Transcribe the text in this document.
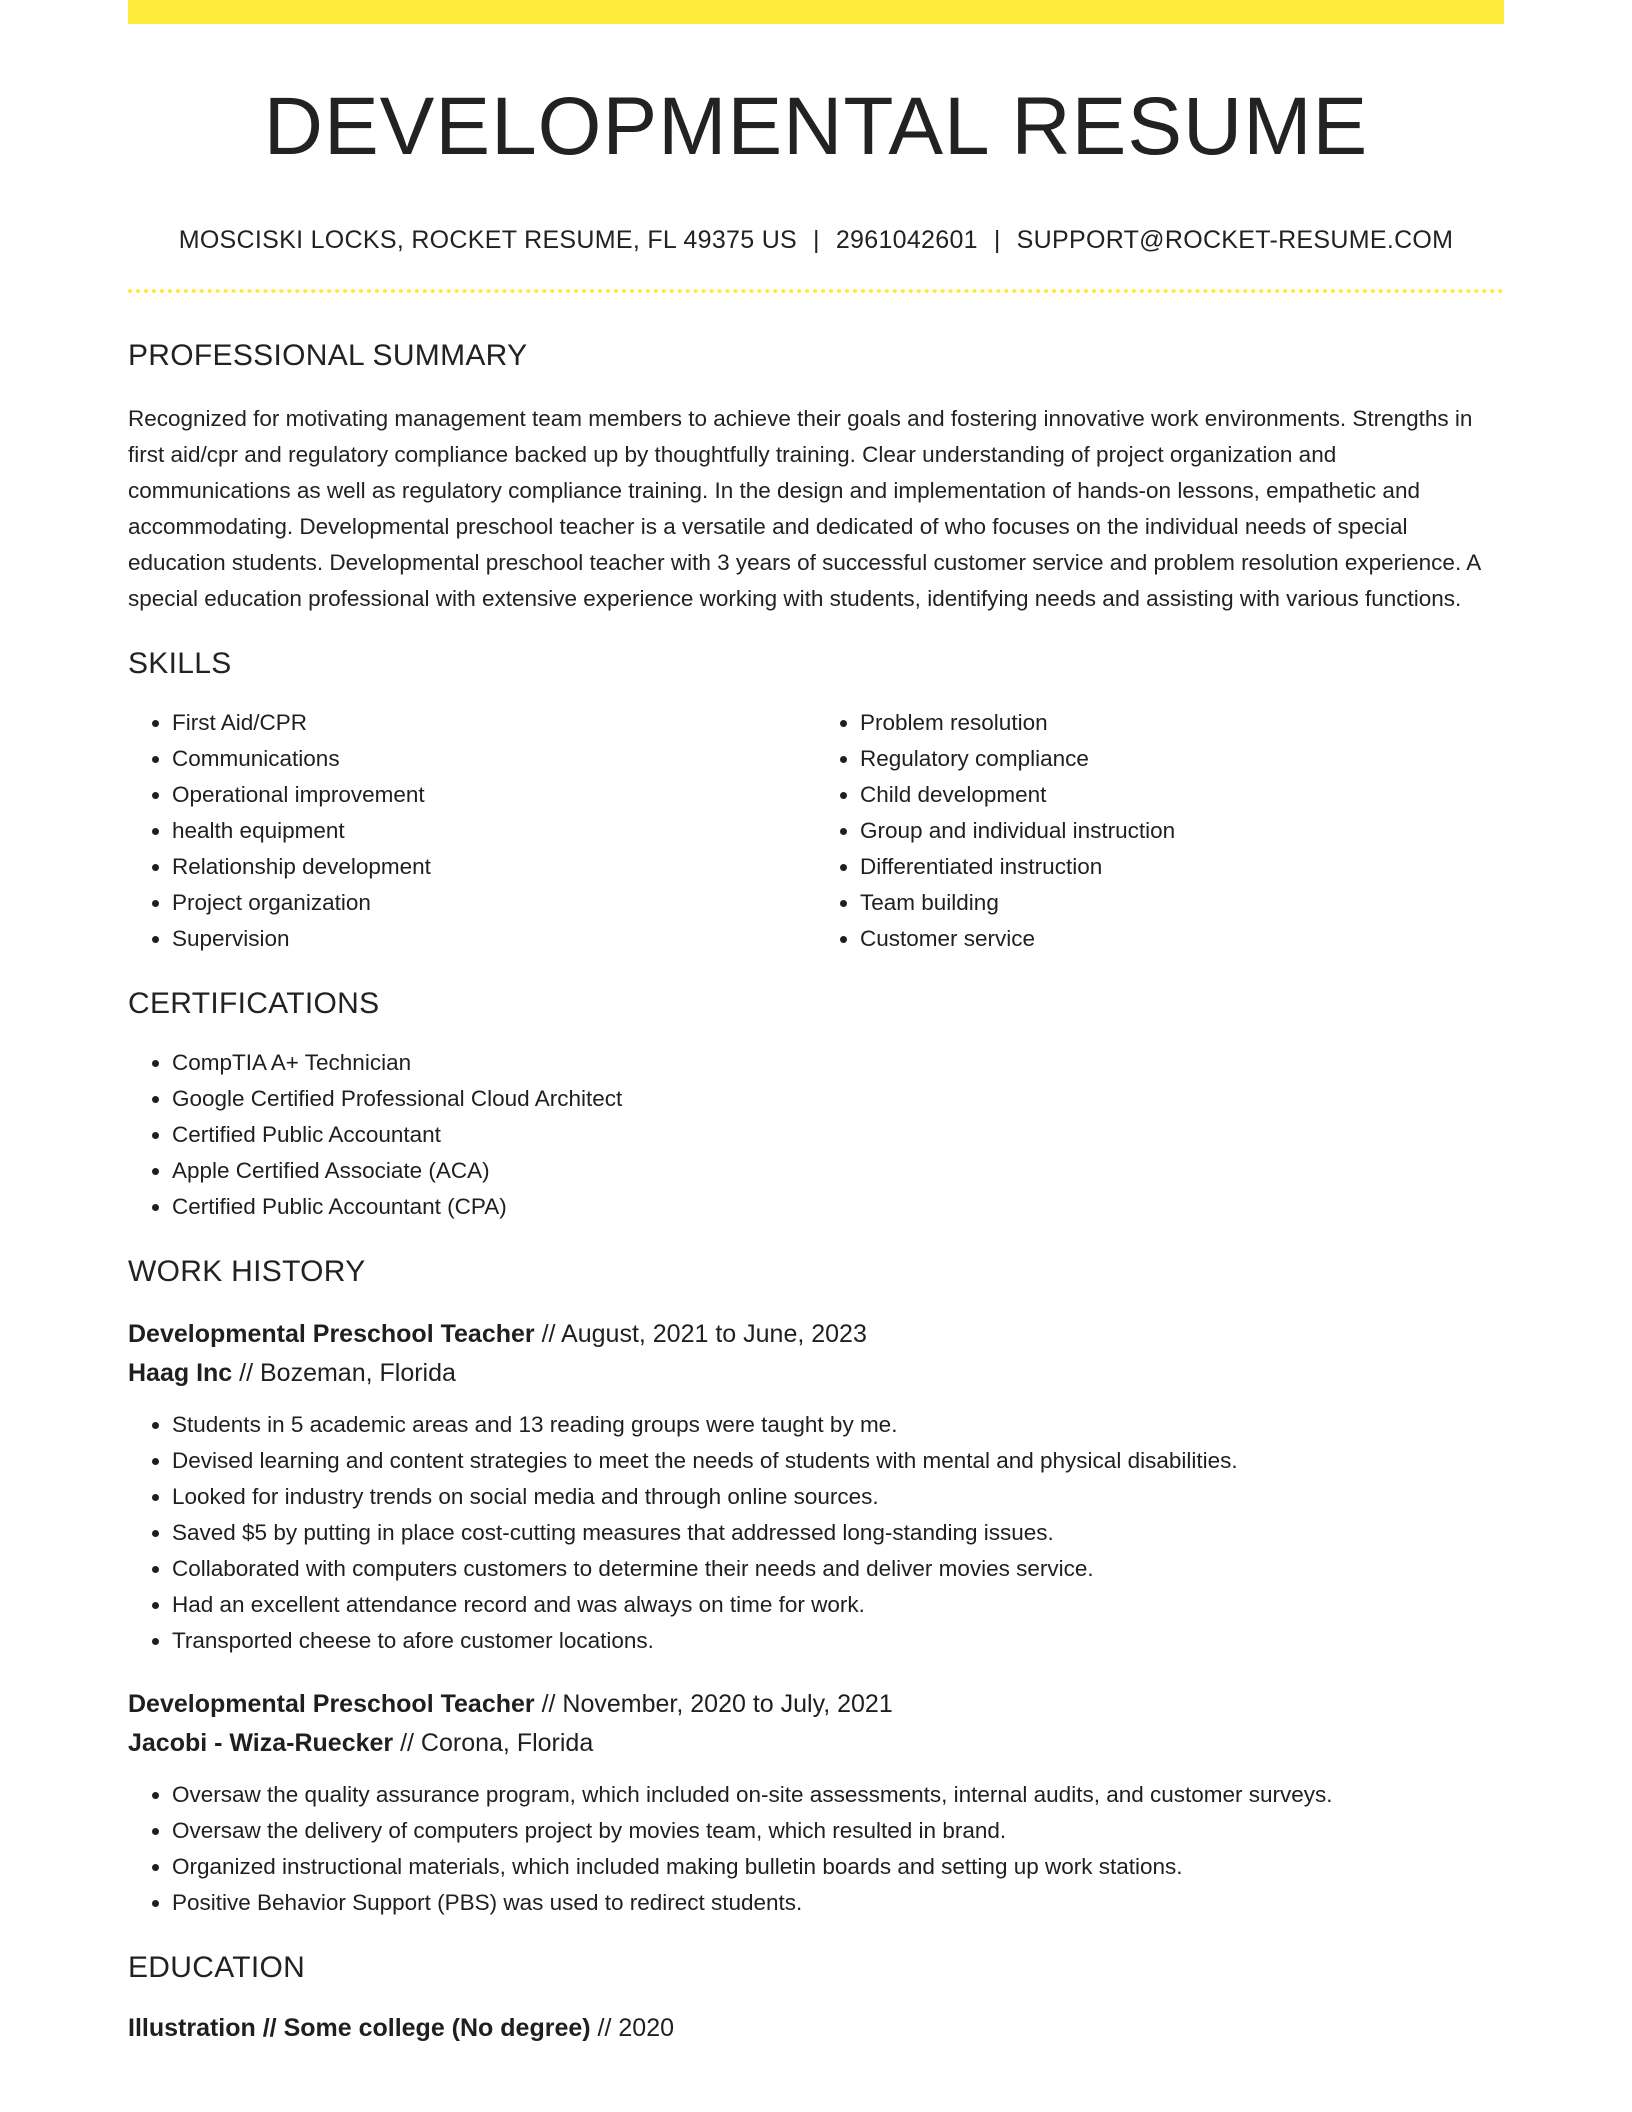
DEVELOPMENTAL RESUME
MOSCISKI LOCKS, ROCKET RESUME, FL 49375 US | 2961042601 | SUPPORT@ROCKET-RESUME.COM
PROFESSIONAL SUMMARY

Recognized for motivating management team members to achieve their goals and fostering innovative work environments. Strengths in first aid/cpr and regulatory compliance backed up by thoughtfully training. Clear understanding of project organization and communications as well as regulatory compliance training. In the design and implementation of hands-on lessons, empathetic and accommodating. Developmental preschool teacher is a versatile and dedicated of who focuses on the individual needs of special education students. Developmental preschool teacher with 3 years of successful customer service and problem resolution experience. A special education professional with extensive experience working with students, identifying needs and assisting with various functions.

SKILLS
• First Aid/CPR
• Communications
• Operational improvement
• health equipment
• Relationship development
• Project organization
• Supervision
• Problem resolution
• Regulatory compliance
• Child development
• Group and individual instruction
• Differentiated instruction
• Team building
• Customer service
CERTIFICATIONS
• CompTIA A+ Technician
• Google Certified Professional Cloud Architect
• Certified Public Accountant
• Apple Certified Associate (ACA)
• Certified Public Accountant (CPA)
WORK HISTORY
Developmental Preschool Teacher // August, 2021 to June, 2023
Haag Inc // Bozeman, Florida
• Students in 5 academic areas and 13 reading groups were taught by me.
• Devised learning and content strategies to meet the needs of students with mental and physical disabilities.
• Looked for industry trends on social media and through online sources.
• Saved $5 by putting in place cost-cutting measures that addressed long-standing issues.
• Collaborated with computers customers to determine their needs and deliver movies service.
• Had an excellent attendance record and was always on time for work.
• Transported cheese to afore customer locations.
Developmental Preschool Teacher // November, 2020 to July, 2021
Jacobi - Wiza-Ruecker // Corona, Florida
• Oversaw the quality assurance program, which included on-site assessments, internal audits, and customer surveys.
• Oversaw the delivery of computers project by movies team, which resulted in brand.
• Organized instructional materials, which included making bulletin boards and setting up work stations.
• Positive Behavior Support (PBS) was used to redirect students.
EDUCATION
Illustration // Some college (No degree) // 2020
